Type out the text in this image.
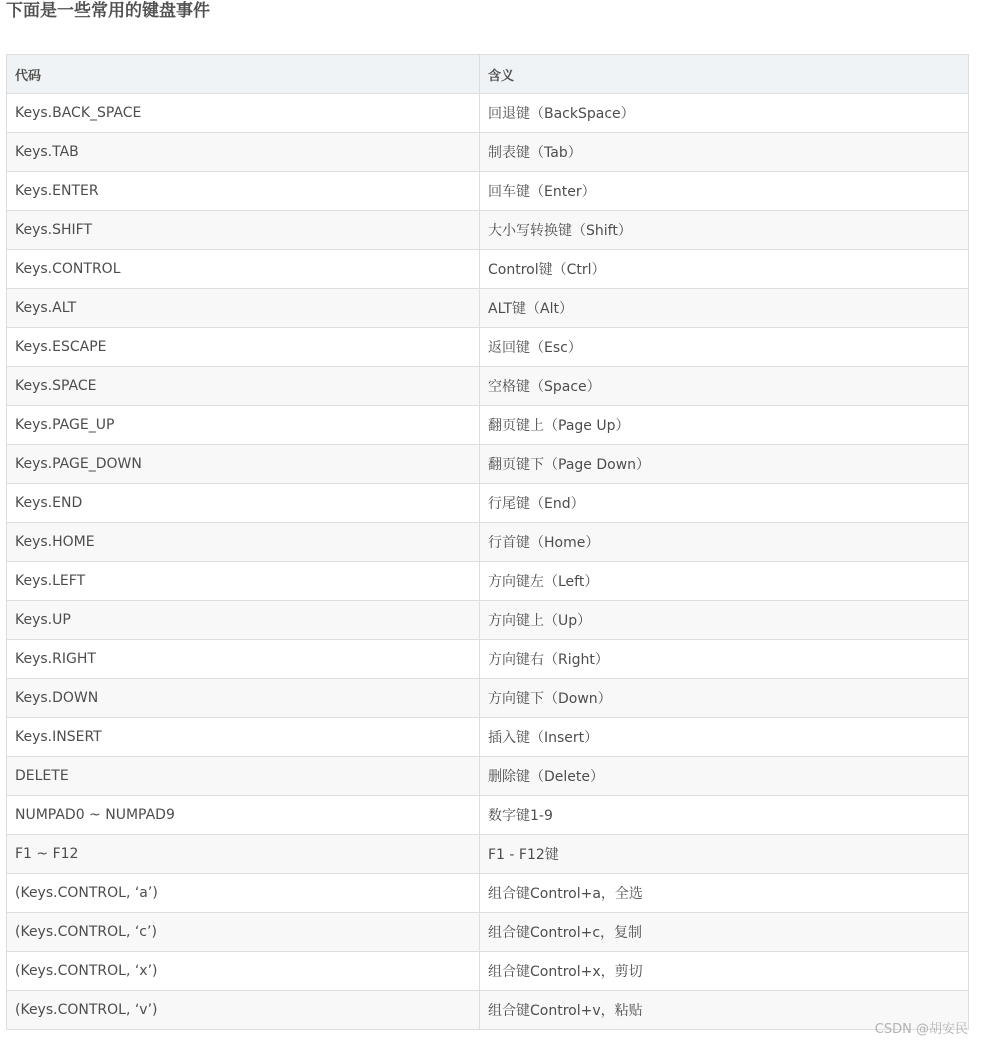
下面是一些常用的键盘事件
代码	含义
Keys.BACK_SPACE	回退键（BackSpace）
Keys.TAB	制表键（Tab）
Keys.ENTER	回车键（Enter）
Keys.SHIFT	大小写转换键（Shift）
Keys.CONTROL	Control键（Ctrl）
Keys.ALT	ALT键（Alt）
Keys.ESCAPE	返回键（Esc）
Keys.SPACE	空格键（Space）
Keys.PAGE_UP	翻页键上（Page Up）
Keys.PAGE_DOWN	翻页键下（Page Down）
Keys.END	行尾键（End）
Keys.HOME	行首键（Home）
Keys.LEFT	方向键左（Left）
Keys.UP	方向键上（Up）
Keys.RIGHT	方向键右（Right）
Keys.DOWN	方向键下（Down）
Keys.INSERT	插入键（Insert）
DELETE	删除键（Delete）
NUMPAD0 ~ NUMPAD9	数字键1-9
F1 ~ F12	F1 - F12键
(Keys.CONTROL, ‘a’)	组合键Control+a，全选
(Keys.CONTROL, ‘c’)	组合键Control+c，复制
(Keys.CONTROL, ‘x’)	组合键Control+x，剪切
(Keys.CONTROL, ‘v’)	组合键Control+v，粘贴
CSDN @胡安民
